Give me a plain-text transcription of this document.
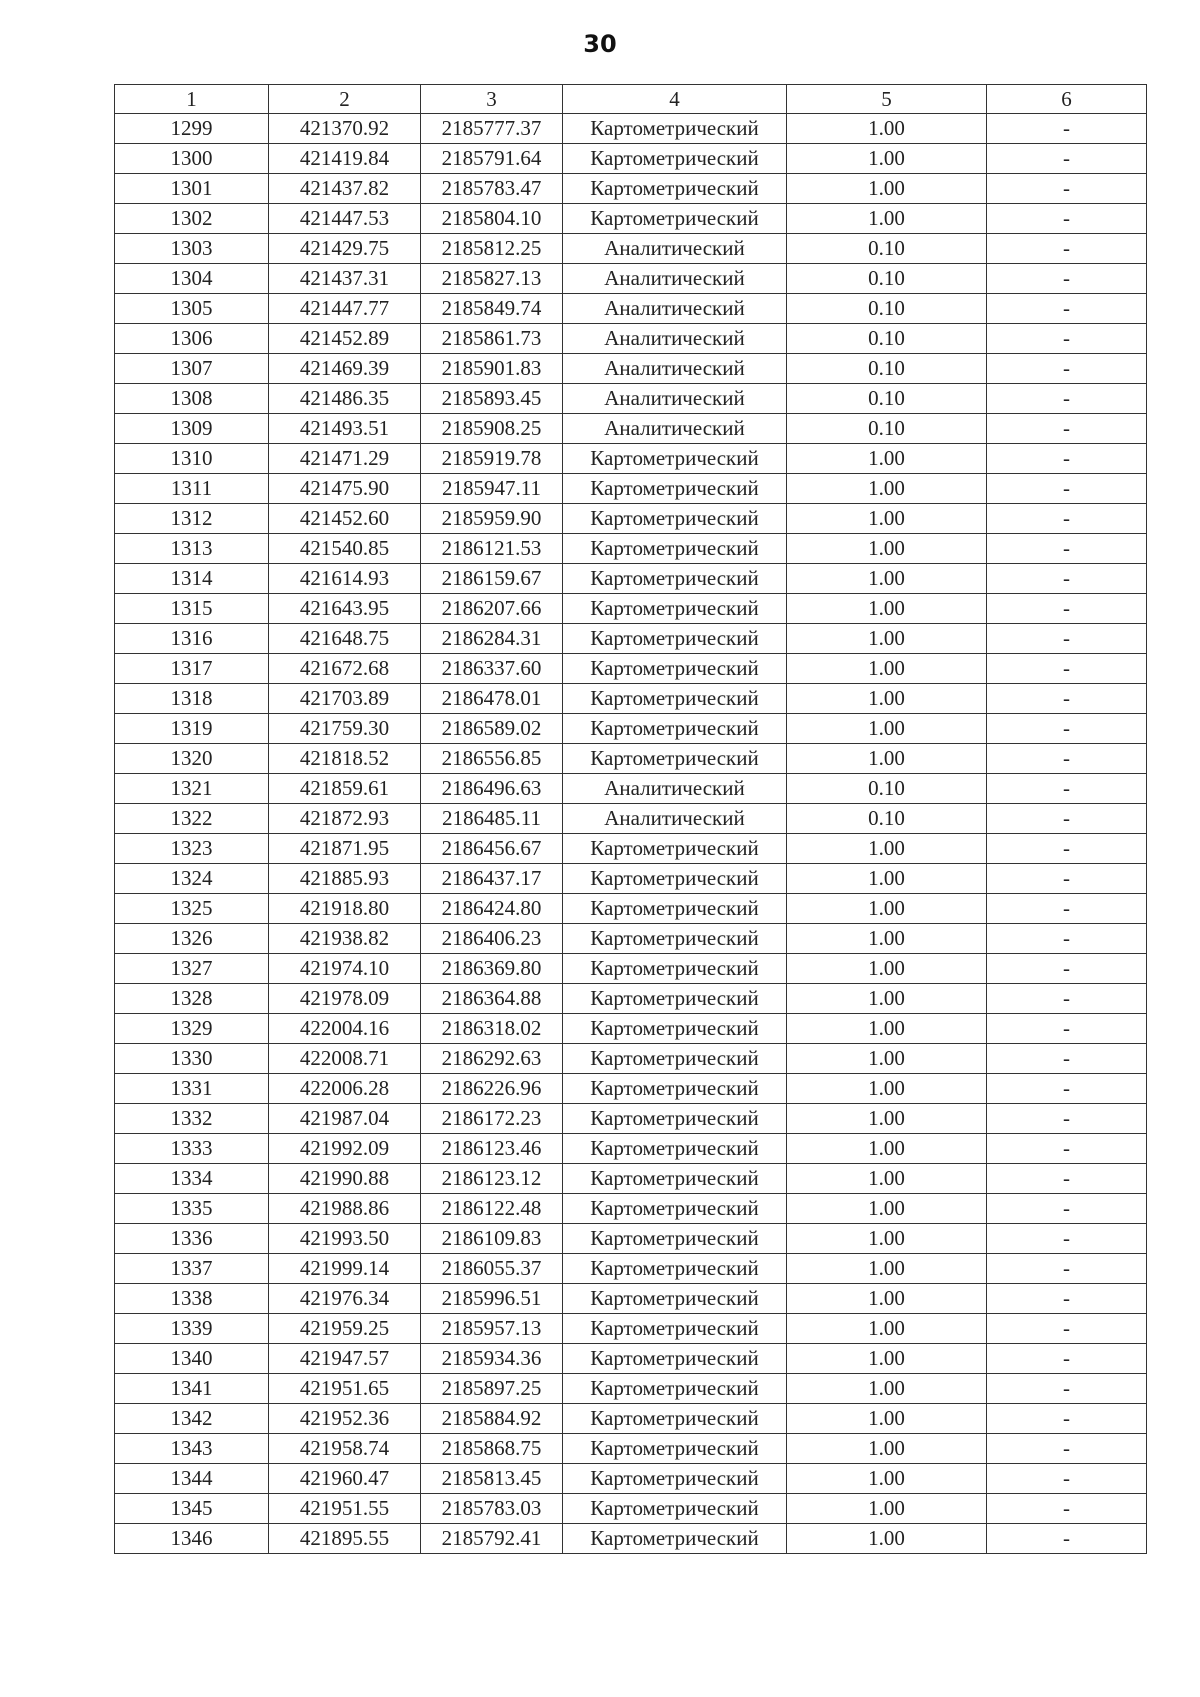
30
1	2	3	4	5	6
1299	421370.92	2185777.37	Картометрический	1.00	-
1300	421419.84	2185791.64	Картометрический	1.00	-
1301	421437.82	2185783.47	Картометрический	1.00	-
1302	421447.53	2185804.10	Картометрический	1.00	-
1303	421429.75	2185812.25	Аналитический	0.10	-
1304	421437.31	2185827.13	Аналитический	0.10	-
1305	421447.77	2185849.74	Аналитический	0.10	-
1306	421452.89	2185861.73	Аналитический	0.10	-
1307	421469.39	2185901.83	Аналитический	0.10	-
1308	421486.35	2185893.45	Аналитический	0.10	-
1309	421493.51	2185908.25	Аналитический	0.10	-
1310	421471.29	2185919.78	Картометрический	1.00	-
1311	421475.90	2185947.11	Картометрический	1.00	-
1312	421452.60	2185959.90	Картометрический	1.00	-
1313	421540.85	2186121.53	Картометрический	1.00	-
1314	421614.93	2186159.67	Картометрический	1.00	-
1315	421643.95	2186207.66	Картометрический	1.00	-
1316	421648.75	2186284.31	Картометрический	1.00	-
1317	421672.68	2186337.60	Картометрический	1.00	-
1318	421703.89	2186478.01	Картометрический	1.00	-
1319	421759.30	2186589.02	Картометрический	1.00	-
1320	421818.52	2186556.85	Картометрический	1.00	-
1321	421859.61	2186496.63	Аналитический	0.10	-
1322	421872.93	2186485.11	Аналитический	0.10	-
1323	421871.95	2186456.67	Картометрический	1.00	-
1324	421885.93	2186437.17	Картометрический	1.00	-
1325	421918.80	2186424.80	Картометрический	1.00	-
1326	421938.82	2186406.23	Картометрический	1.00	-
1327	421974.10	2186369.80	Картометрический	1.00	-
1328	421978.09	2186364.88	Картометрический	1.00	-
1329	422004.16	2186318.02	Картометрический	1.00	-
1330	422008.71	2186292.63	Картометрический	1.00	-
1331	422006.28	2186226.96	Картометрический	1.00	-
1332	421987.04	2186172.23	Картометрический	1.00	-
1333	421992.09	2186123.46	Картометрический	1.00	-
1334	421990.88	2186123.12	Картометрический	1.00	-
1335	421988.86	2186122.48	Картометрический	1.00	-
1336	421993.50	2186109.83	Картометрический	1.00	-
1337	421999.14	2186055.37	Картометрический	1.00	-
1338	421976.34	2185996.51	Картометрический	1.00	-
1339	421959.25	2185957.13	Картометрический	1.00	-
1340	421947.57	2185934.36	Картометрический	1.00	-
1341	421951.65	2185897.25	Картометрический	1.00	-
1342	421952.36	2185884.92	Картометрический	1.00	-
1343	421958.74	2185868.75	Картометрический	1.00	-
1344	421960.47	2185813.45	Картометрический	1.00	-
1345	421951.55	2185783.03	Картометрический	1.00	-
1346	421895.55	2185792.41	Картометрический	1.00	-
